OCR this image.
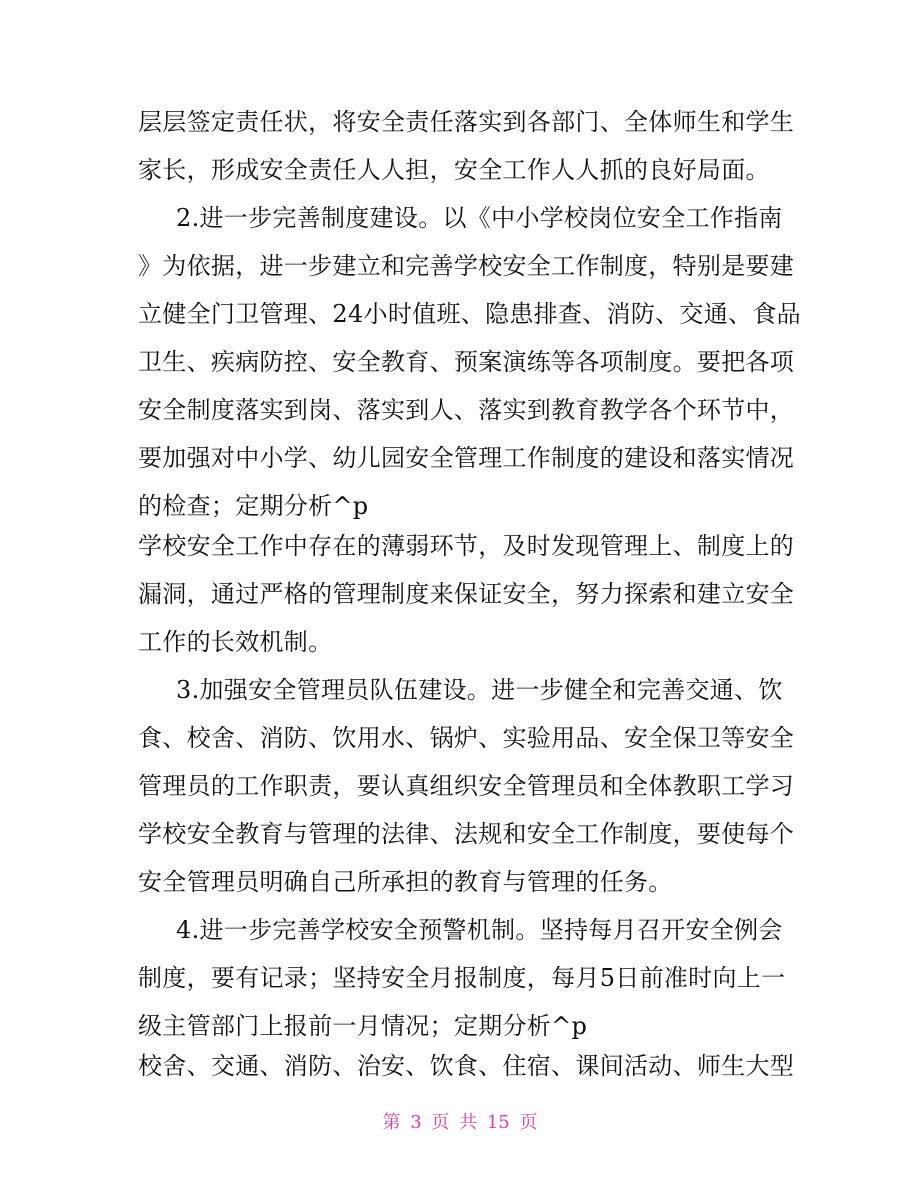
层层签定责任状，将安全责任落实到各部门、全体师生和学生
家长，形成安全责任人人担，安全工作人人抓的良好局面。
2.进一步完善制度建设。以《中小学校岗位安全工作指南
》为依据，进一步建立和完善学校安全工作制度，特别是要建
立健全门卫管理、24小时值班、隐患排查、消防、交通、食品
卫生、疾病防控、安全教育、预案演练等各项制度。要把各项
安全制度落实到岗、落实到人、落实到教育教学各个环节中，
要加强对中小学、幼儿园安全管理工作制度的建设和落实情况
的检查；定期分析^p
学校安全工作中存在的薄弱环节，及时发现管理上、制度上的
漏洞，通过严格的管理制度来保证安全，努力探索和建立安全
工作的长效机制。
3.加强安全管理员队伍建设。进一步健全和完善交通、饮
食、校舍、消防、饮用水、锅炉、实验用品、安全保卫等安全
管理员的工作职责，要认真组织安全管理员和全体教职工学习
学校安全教育与管理的法律、法规和安全工作制度，要使每个
安全管理员明确自己所承担的教育与管理的任务。
4.进一步完善学校安全预警机制。坚持每月召开安全例会
制度，要有记录；坚持安全月报制度，每月5日前准时向上一
级主管部门上报前一月情况；定期分析^p
校舍、交通、消防、治安、饮食、住宿、课间活动、师生大型
第 3 页 共 15 页
